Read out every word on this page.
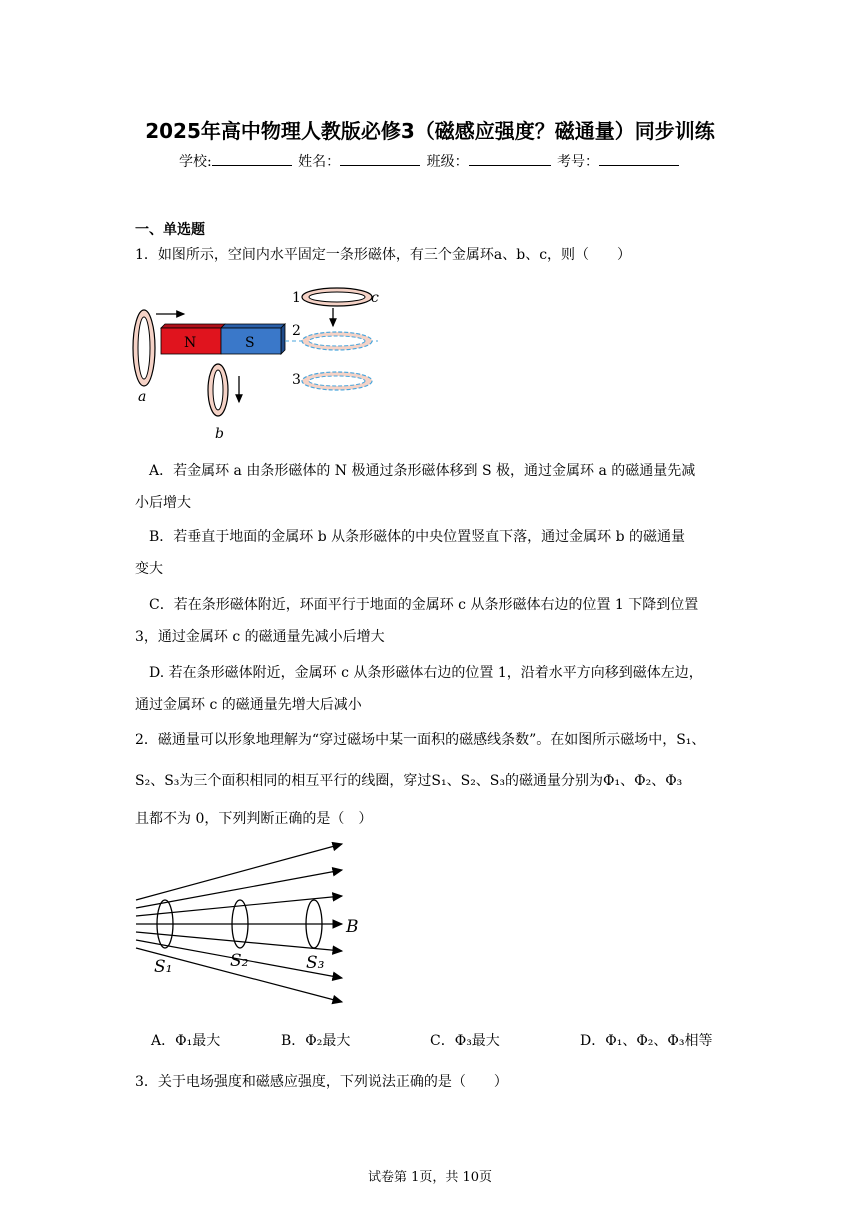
2025年高中物理人教版必修3（磁感应强度？磁通量）同步训练
学校:	姓名：	班级：	考号：
一、单选题
1．如图所示，空间内水平固定一条形磁体，有三个金属环a、b、c，则（　　）
a
N	S
b
1	c
2
3
A．若金属环 a 由条形磁体的 N 极通过条形磁体移到 S 极，通过金属环 a 的磁通量先减
小后增大
B．若垂直于地面的金属环 b 从条形磁体的中央位置竖直下落，通过金属环 b 的磁通量
变大
C．若在条形磁体附近，环面平行于地面的金属环 c 从条形磁体右边的位置 1 下降到位置
3，通过金属环 c 的磁通量先减小后增大
D. 若在条形磁体附近，金属环 c 从条形磁体右边的位置 1，沿着水平方向移到磁体左边，
通过金属环 c 的磁通量先增大后减小
2．磁通量可以形象地理解为“穿过磁场中某一面积的磁感线条数”。在如图所示磁场中，S₁、
S₂、S₃为三个面积相同的相互平行的线圈，穿过S₁、S₂、S₃的磁通量分别为Φ₁、Φ₂、Φ₃
且都不为 0，下列判断正确的是（　）
B
S₁	S₂	S₃
A．Φ₁最大	B．Φ₂最大	C．Φ₃最大	D．Φ₁、Φ₂、Φ₃相等
3．关于电场强度和磁感应强度，下列说法正确的是（　　）
试卷第 1页，共 10页
